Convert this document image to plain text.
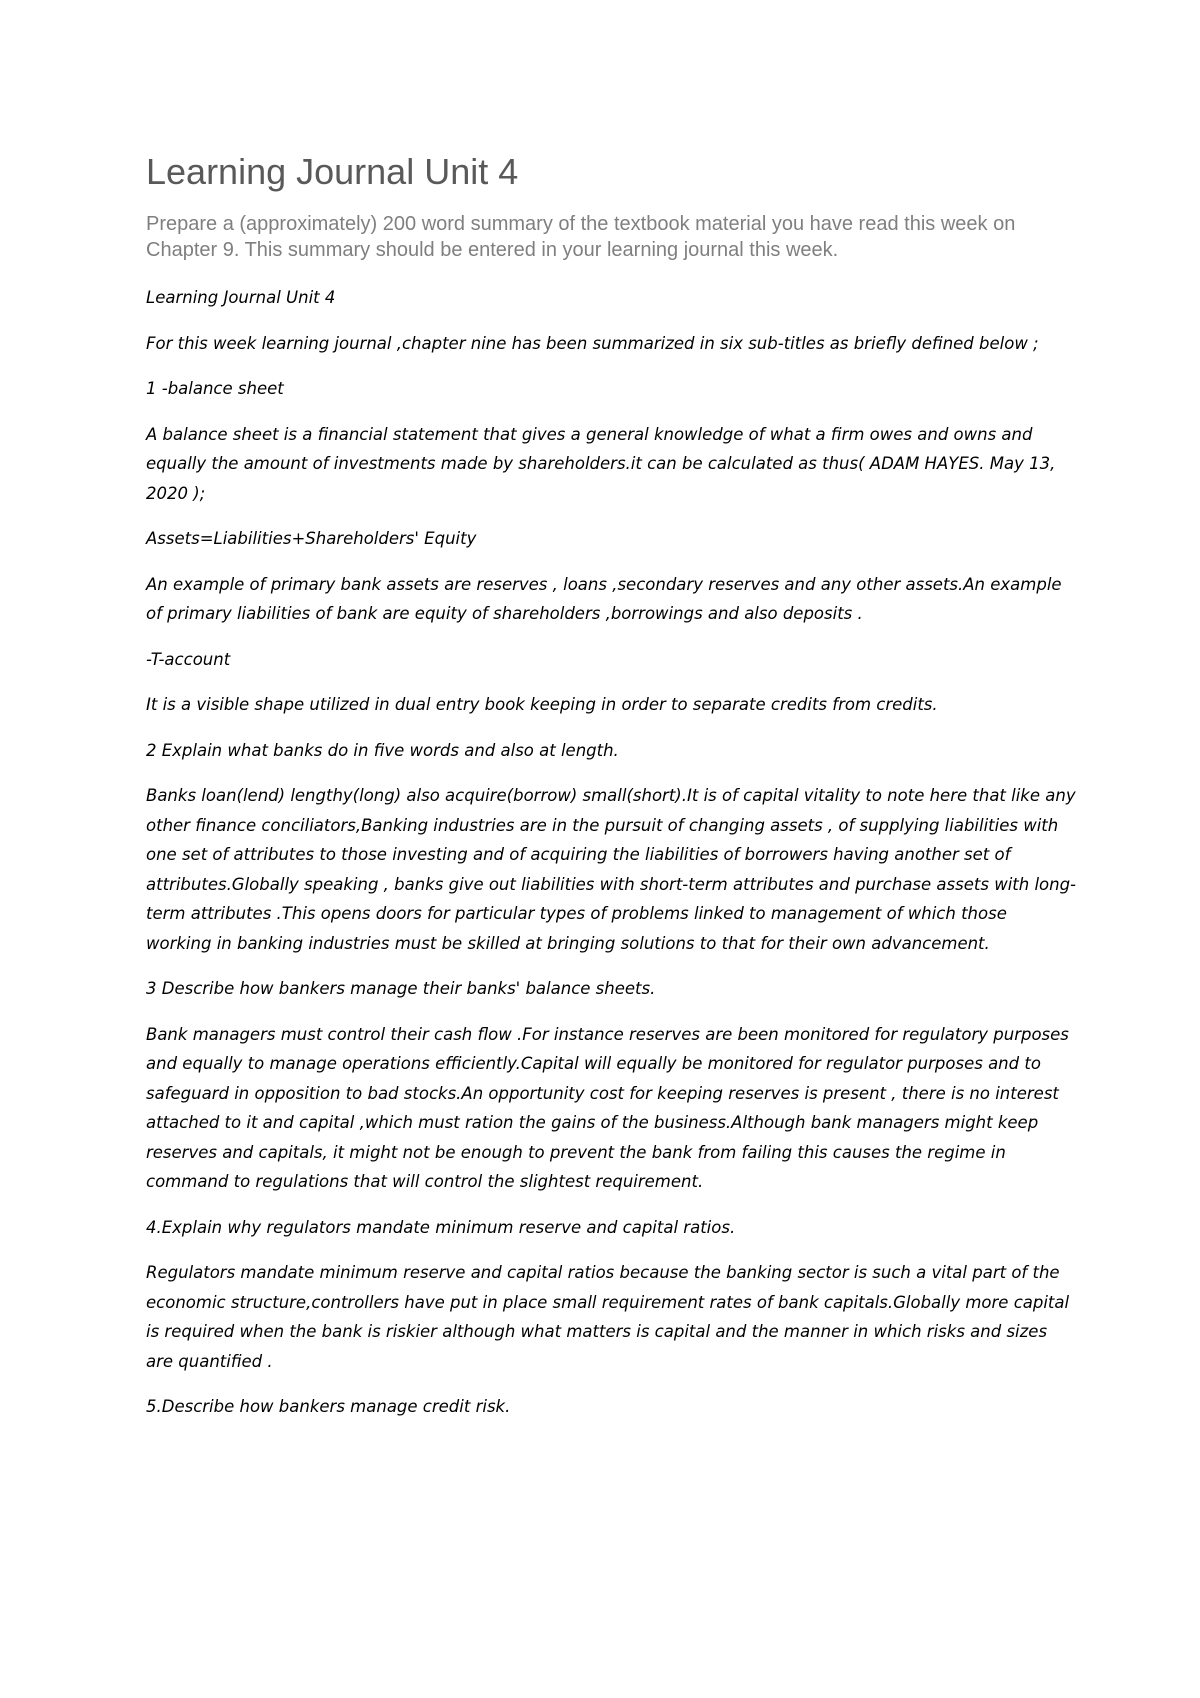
Learning Journal Unit 4

Prepare a (approximately) 200 word summary of the textbook material you have read this week on Chapter 9. This summary should be entered in your learning journal this week.

Learning Journal Unit 4

For this week learning journal ,chapter nine has been summarized in six sub-titles as briefly defined below ;

1 -balance sheet

A balance sheet is a financial statement that gives a general knowledge of what a firm owes and owns and equally the amount of investments made by shareholders.it can be calculated as thus( ADAM HAYES. May 13, 2020 );

Assets=Liabilities+Shareholders' Equity

An example of primary bank assets are reserves , loans ,secondary reserves and any other assets.An example of primary liabilities of bank are equity of shareholders ,borrowings and also deposits .

-T-account

It is a visible shape utilized in dual entry book keeping in order to separate credits from credits.

2 Explain what banks do in five words and also at length.

Banks loan(lend) lengthy(long) also acquire(borrow) small(short).It is of capital vitality to note here that like any other finance conciliators,Banking industries are in the pursuit of changing assets , of supplying liabilities with one set of attributes to those investing and of acquiring the liabilities of borrowers having another set of attributes.Globally speaking , banks give out liabilities with short-term attributes and purchase assets with long- term attributes .This opens doors for particular types of problems linked to management of which those working in banking industries must be skilled at bringing solutions to that for their own advancement.

3 Describe how bankers manage their banks' balance sheets.

Bank managers must control their cash flow .For instance reserves are been monitored for regulatory purposes and equally to manage operations efficiently.Capital will equally be monitored for regulator purposes and to safeguard in opposition to bad stocks.An opportunity cost for keeping reserves is present , there is no interest attached to it and capital ,which must ration the gains of the business.Although bank managers might keep reserves and capitals, it might not be enough to prevent the bank from failing this causes the regime in command to regulations that will control the slightest requirement.

4.Explain why regulators mandate minimum reserve and capital ratios.

Regulators mandate minimum reserve and capital ratios because the banking sector is such a vital part of the economic structure,controllers have put in place small requirement rates of bank capitals.Globally more capital is required when the bank is riskier although what matters is capital and the manner in which risks and sizes are quantified .

5.Describe how bankers manage credit risk.
